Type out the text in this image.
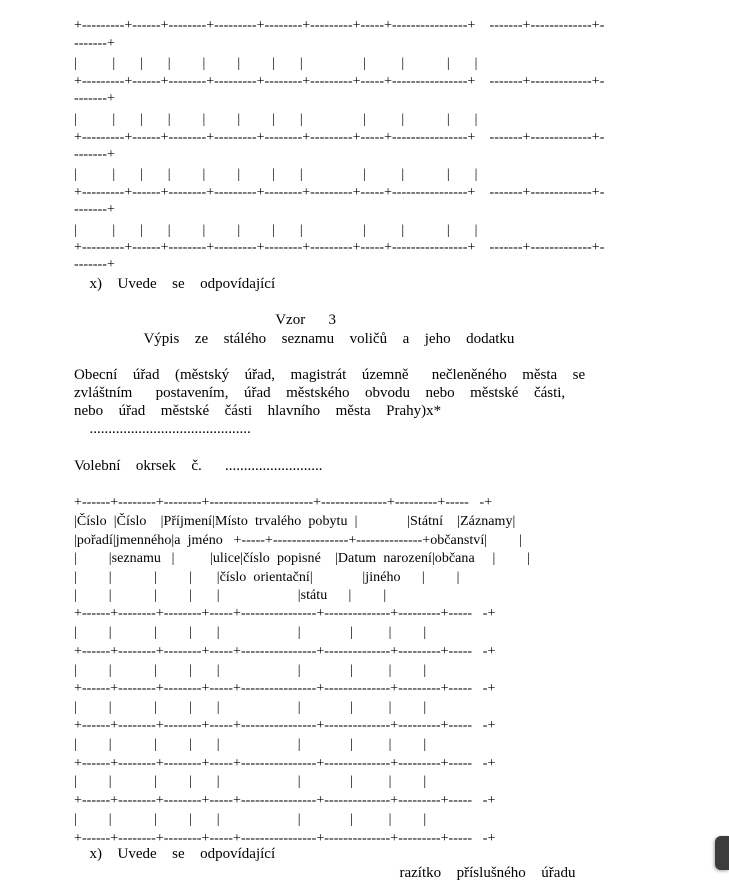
+---------+------+--------+---------+--------+---------+-----+----------------+    -------+-------------+-

-------+

|          |       |       |         |         |         |       |                 |          |            |       |

+---------+------+--------+---------+--------+---------+-----+----------------+    -------+-------------+-

-------+

|          |       |       |         |         |         |       |                 |          |            |       |

+---------+------+--------+---------+--------+---------+-----+----------------+    -------+-------------+-

-------+

|          |       |       |         |         |         |       |                 |          |            |       |

+---------+------+--------+---------+--------+---------+-----+----------------+    -------+-------------+-

-------+

|          |       |       |         |         |         |       |                 |          |            |       |

+---------+------+--------+---------+--------+---------+-----+----------------+    -------+-------------+-

-------+

x)  Uvede  se  odpovídající

Vzor   3

Výpis  ze  stálého  seznamu  voličů  a  jeho  dodatku

Obecní  úřad  (městský  úřad,  magistrát  územně   nečleněného  města  se

zvláštním   postavením,  úřad  městského  obvodu  nebo  městské  části,

nebo  úřad  městské  části  hlavního  města  Prahy)x*

...........................................

Volební  okrsek  č.   ..........................

+------+--------+--------+----------------------+--------------+---------+-----   -+

|Číslo  |Číslo    |Příjmení|Místo  trvalého  pobytu  |              |Státní    |Záznamy|

|pořadí|jmenného|a  jméno   +-----+----------------+--------------+občanství|         |

|         |seznamu   |          |ulice|číslo  popisné    |Datum  narození|občana     |         |

|         |            |         |       |číslo  orientační|              |jiného      |         |

|         |            |         |       |                      |státu      |         |

+------+--------+--------+-----+----------------+--------------+---------+-----   -+

|         |            |         |       |                      |              |          |         |

+------+--------+--------+-----+----------------+--------------+---------+-----   -+

|         |            |         |       |                      |              |          |         |

+------+--------+--------+-----+----------------+--------------+---------+-----   -+

|         |            |         |       |                      |              |          |         |

+------+--------+--------+-----+----------------+--------------+---------+-----   -+

|         |            |         |       |                      |              |          |         |

+------+--------+--------+-----+----------------+--------------+---------+-----   -+

|         |            |         |       |                      |              |          |         |

+------+--------+--------+-----+----------------+--------------+---------+-----   -+

|         |            |         |       |                      |              |          |         |

+------+--------+--------+-----+----------------+--------------+---------+-----   -+

x)  Uvede  se  odpovídající

razítko  příslušného  úřadu
